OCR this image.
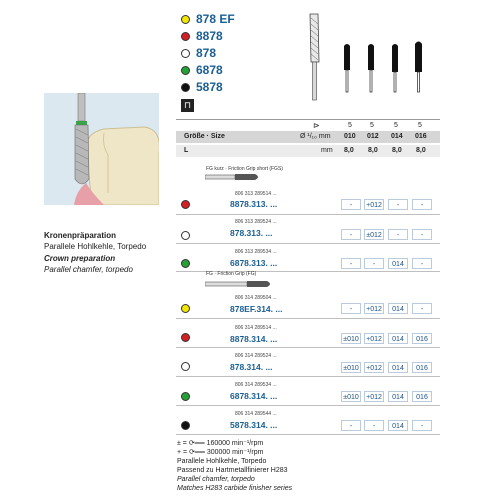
878 EF
8878
878
6878
5878
Kronenpräparation
Parallele Hohlkehle, Torpedo
Crown preparation
Parallel chamfer, torpedo
⊓
⊳	5	5	5	5
Größe · Size	Ø ¹/₁₀ mm 010 012 014 016
L	mm 8,0 8,0 8,0 8,0
FG kurz · Friction Grip short (FGS)
806 313 289514 ...
8878.313. ...	-	+012	-	-
806 313 289524 ...
878.313. ...	-	±012	-	-
806 313 289534 ...
6878.313. ...	-	-	014	-
FG · Friction Grip (FG)
806 314 289504 ...
878EF.314. ...	-	+012	014	-
806 314 289514 ...
8878.314. ...	±010	+012	014	016
806 314 289524 ...
878.314. ...	±010	+012	014	016
806 314 289534 ...
6878.314. ...	±010	+012	014	016
806 314 289544 ...
5878.314. ...	-	-	014	-
± = ⟳══ 160000 min⁻¹/rpm
+ = ⟳══ 300000 min⁻¹/rpm
Parallele Hohlkehle, Torpedo
Passend zu Hartmetallfinierer H283
Parallel chamfer, torpedo
Matches H283 carbide finisher series
